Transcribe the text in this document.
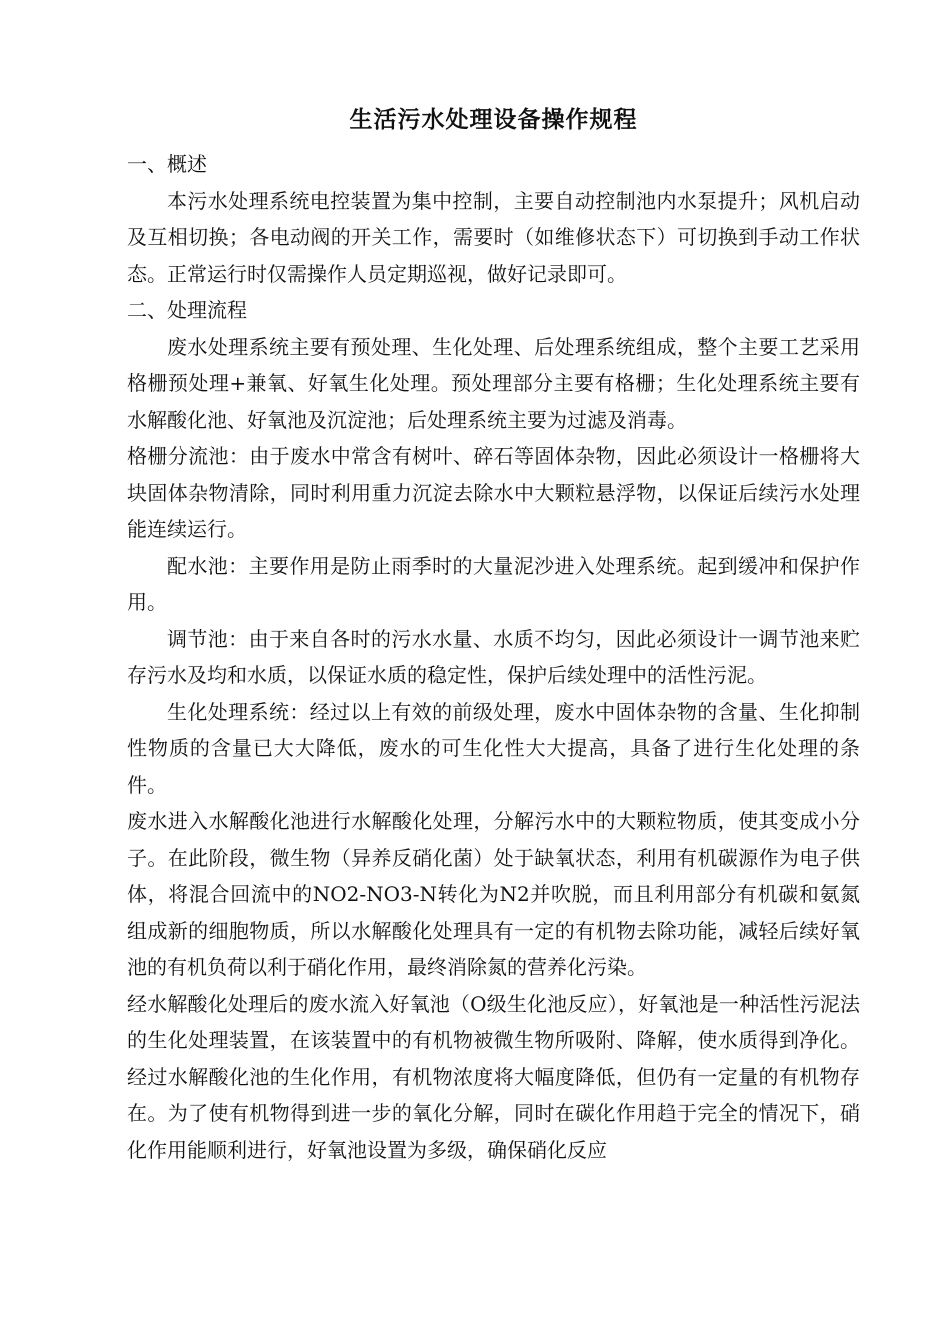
生活污水处理设备操作规程

一、概述

本污水处理系统电控装置为集中控制，主要自动控制池内水泵提升；风机启动及互相切换；各电动阀的开关工作，需要时（如维修状态下）可切换到手动工作状态。正常运行时仅需操作人员定期巡视，做好记录即可。

二、处理流程

废水处理系统主要有预处理、生化处理、后处理系统组成，整个主要工艺采用格栅预处理+兼氧、好氧生化处理。预处理部分主要有格栅；生化处理系统主要有水解酸化池、好氧池及沉淀池；后处理系统主要为过滤及消毒。

格栅分流池：由于废水中常含有树叶、碎石等固体杂物，因此必须设计一格栅将大块固体杂物清除，同时利用重力沉淀去除水中大颗粒悬浮物，以保证后续污水处理能连续运行。

配水池：主要作用是防止雨季时的大量泥沙进入处理系统。起到缓冲和保护作用。

调节池：由于来自各时的污水水量、水质不均匀，因此必须设计一调节池来贮存污水及均和水质，以保证水质的稳定性，保护后续处理中的活性污泥。

生化处理系统：经过以上有效的前级处理，废水中固体杂物的含量、生化抑制性物质的含量已大大降低，废水的可生化性大大提高，具备了进行生化处理的条件。

废水进入水解酸化池进行水解酸化处理，分解污水中的大颗粒物质，使其变成小分子。在此阶段，微生物（异养反硝化菌）处于缺氧状态，利用有机碳源作为电子供体，将混合回流中的NO2-NO3-N转化为N2并吹脱，而且利用部分有机碳和氨氮组成新的细胞物质，所以水解酸化处理具有一定的有机物去除功能，减轻后续好氧池的有机负荷以利于硝化作用，最终消除氮的营养化污染。

经水解酸化处理后的废水流入好氧池（O级生化池反应），好氧池是一种活性污泥法的生化处理装置，在该装置中的有机物被微生物所吸附、降解，使水质得到净化。经过水解酸化池的生化作用，有机物浓度将大幅度降低，但仍有一定量的有机物存在。为了使有机物得到进一步的氧化分解，同时在碳化作用趋于完全的情况下，硝化作用能顺利进行，好氧池设置为多级，确保硝化反应
